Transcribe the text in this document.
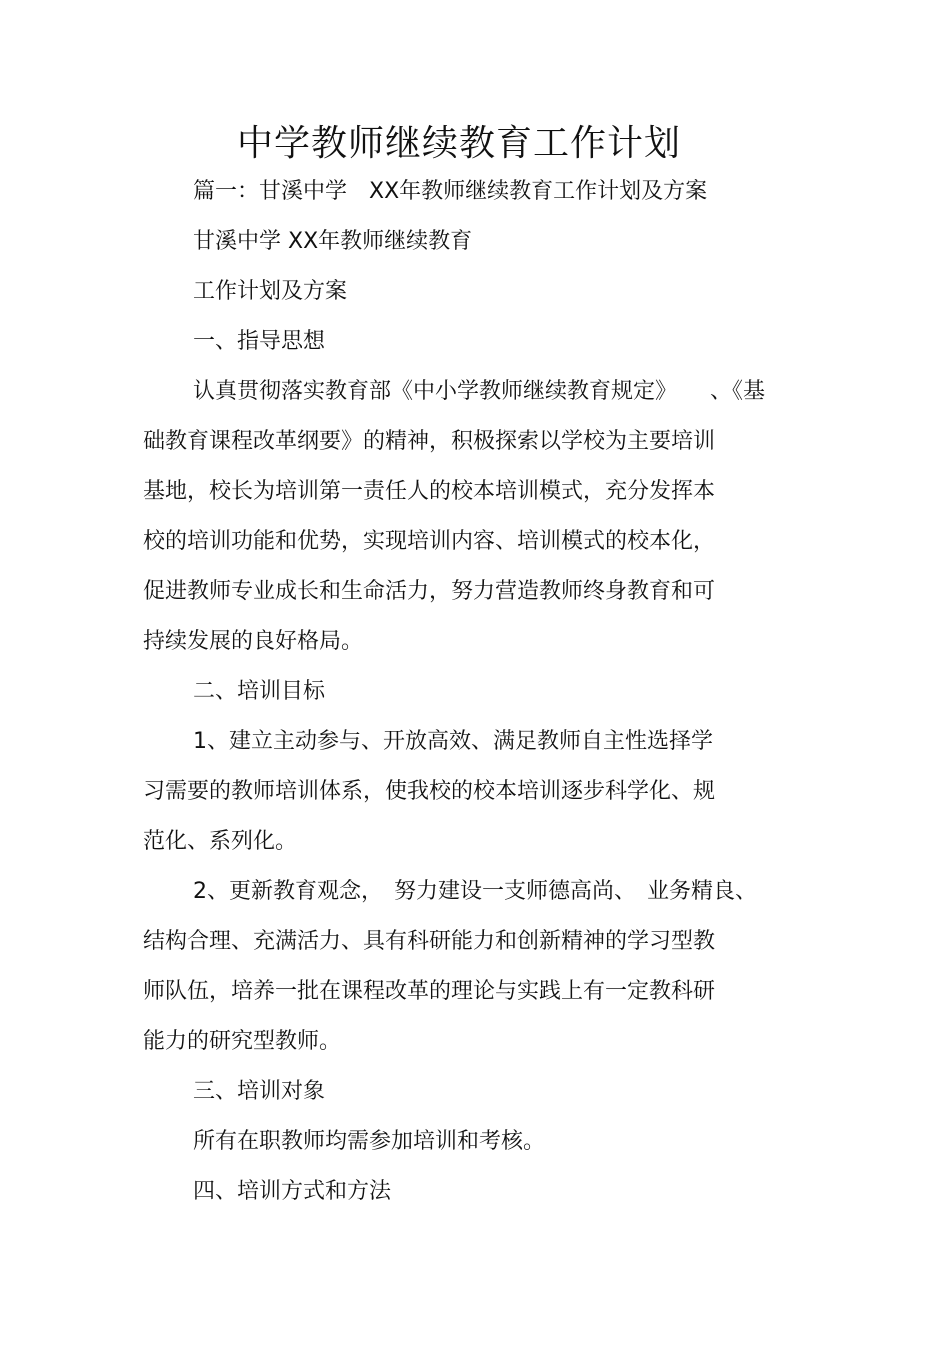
中学教师继续教育工作计划
篇一：甘溪中学　XX年教师继续教育工作计划及方案
甘溪中学 XX年教师继续教育
工作计划及方案
一、指导思想
认真贯彻落实教育部《中小学教师继续教育规定》　　、《基
础教育课程改革纲要》的精神，积极探索以学校为主要培训
基地，校长为培训第一责任人的校本培训模式，充分发挥本
校的培训功能和优势，实现培训内容、培训模式的校本化，
促进教师专业成长和生命活力，努力营造教师终身教育和可
持续发展的良好格局。
二、培训目标
1、建立主动参与、开放高效、满足教师自主性选择学
习需要的教师培训体系，使我校的校本培训逐步科学化、规
范化、系列化。
2、更新教育观念，　努力建设一支师德高尚、　业务精良、
结构合理、充满活力、具有科研能力和创新精神的学习型教
师队伍，培养一批在课程改革的理论与实践上有一定教科研
能力的研究型教师。
三、培训对象
所有在职教师均需参加培训和考核。
四、培训方式和方法
